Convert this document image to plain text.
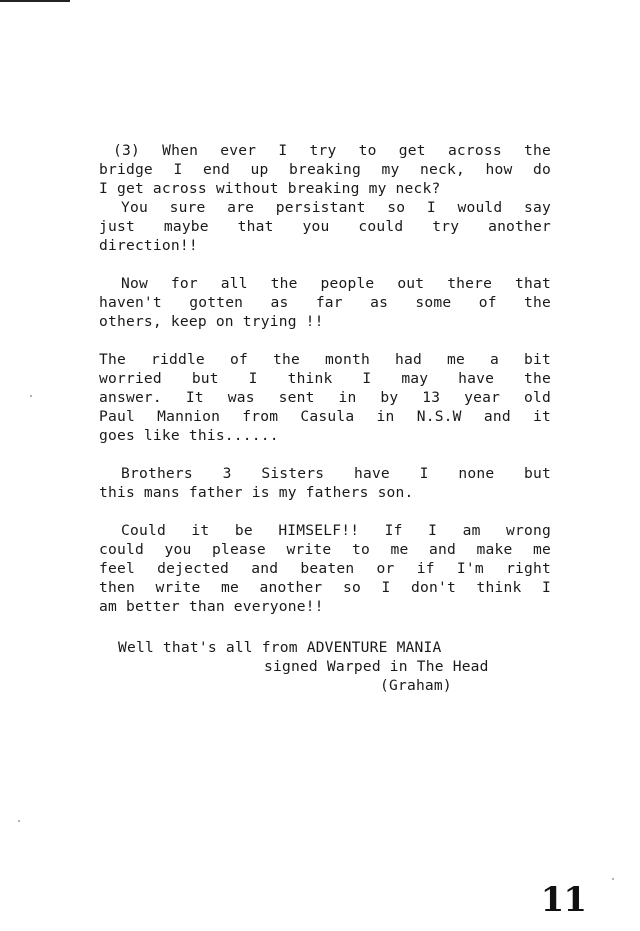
(3) When ever I try to get across the
bridge I end up breaking my neck, how do
I get across without breaking my neck?
You sure are persistant so I would say
just maybe that you could try another
direction!!
Now for all the people out there that
haven't gotten as far as some of the
others, keep on trying !!
The riddle of the month had me a bit
worried but I think I may have the
answer. It was sent in by 13 year old
Paul Mannion from Casula in N.S.W and it
goes like this......
Brothers 3 Sisters have I none but
this mans father is my fathers son.
Could it be HIMSELF!! If I am wrong
could you please write to me and make me
feel dejected and beaten or if I'm right
then write me another so I don't think I
am better than everyone!!
Well that's all from ADVENTURE MANIA
signed Warped in The Head
(Graham)
11
